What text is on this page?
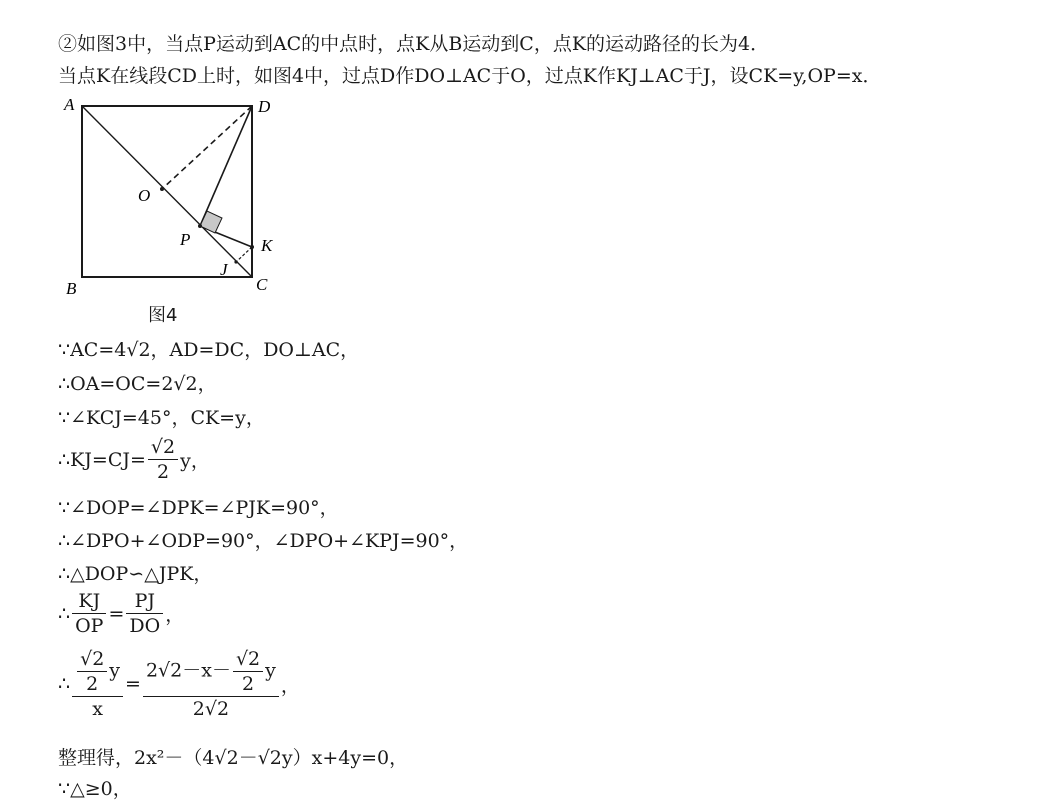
②如图3中，当点P运动到AC的中点时，点K从B运动到C，点K的运动路径的长为4．
当点K在线段CD上时，如图4中，过点D作DO⊥AC于O，过点K作KJ⊥AC于J，设CK=y,OP=x．
A	D
B	C
O
P	K
J
图4
∵AC=4√2，AD=DC，DO⊥AC，
∴OA=OC=2√2，
∵∠KCJ=45°，CK=y，
∴KJ=CJ= $\frac{√2}{2}$ y，
∵∠DOP=∠DPK=∠PJK=90°，
∴∠DPO+∠ODP=90°，∠DPO+∠KPJ=90°，
∴△DOP∽△JPK，
∴ $\frac{KJ}{OP} = \frac{PJ}{DO}$ ，
∴ $\frac{\frac{√2}{2} y}{x} = \frac{2√2-x- \frac{√2}{2} y}{2√2}$ ，
整理得，2x²－（4√2－√2y）x+4y=0，
∵△≥0，
